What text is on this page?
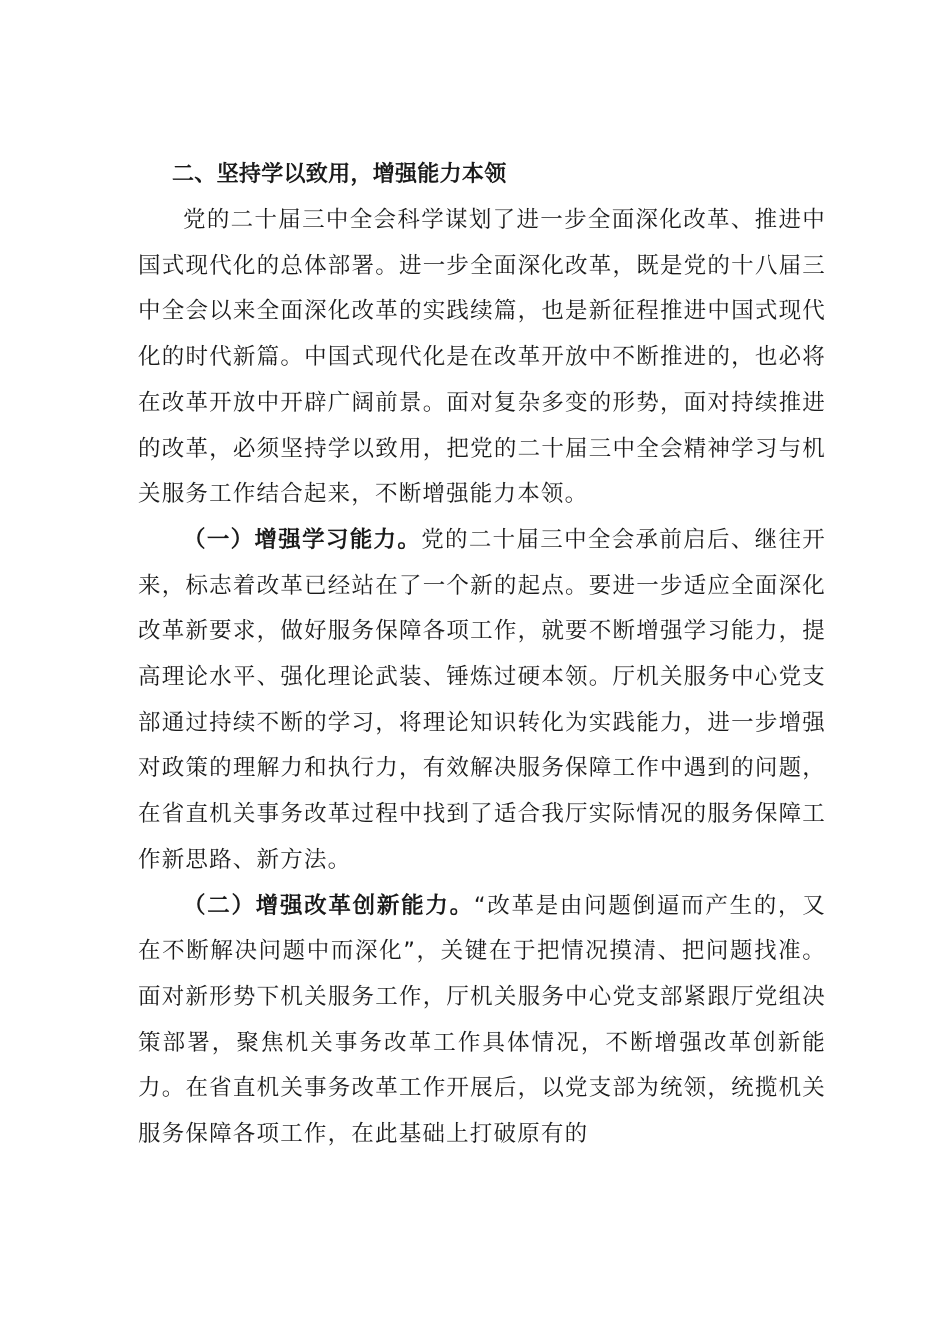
二、坚持学以致用，增强能力本领

党的二十届三中全会科学谋划了进一步全面深化改革、推进中国式现代化的总体部署。进一步全面深化改革，既是党的十八届三中全会以来全面深化改革的实践续篇，也是新征程推进中国式现代化的时代新篇。中国式现代化是在改革开放中不断推进的，也必将在改革开放中开辟广阔前景。面对复杂多变的形势，面对持续推进的改革，必须坚持学以致用，把党的二十届三中全会精神学习与机关服务工作结合起来，不断增强能力本领。

（一）增强学习能力。党的二十届三中全会承前启后、继往开来，标志着改革已经站在了一个新的起点。要进一步适应全面深化改革新要求，做好服务保障各项工作，就要不断增强学习能力，提高理论水平、强化理论武装、锤炼过硬本领。厅机关服务中心党支部通过持续不断的学习，将理论知识转化为实践能力，进一步增强对政策的理解力和执行力，有效解决服务保障工作中遇到的问题，在省直机关事务改革过程中找到了适合我厅实际情况的服务保障工作新思路、新方法。

（二）增强改革创新能力。“改革是由问题倒逼而产生的，又在不断解决问题中而深化”，关键在于把情况摸清、把问题找准。面对新形势下机关服务工作，厅机关服务中心党支部紧跟厅党组决策部署，聚焦机关事务改革工作具体情况，不断增强改革创新能力。在省直机关事务改革工作开展后，以党支部为统领，统揽机关服务保障各项工作，在此基础上打破原有的
